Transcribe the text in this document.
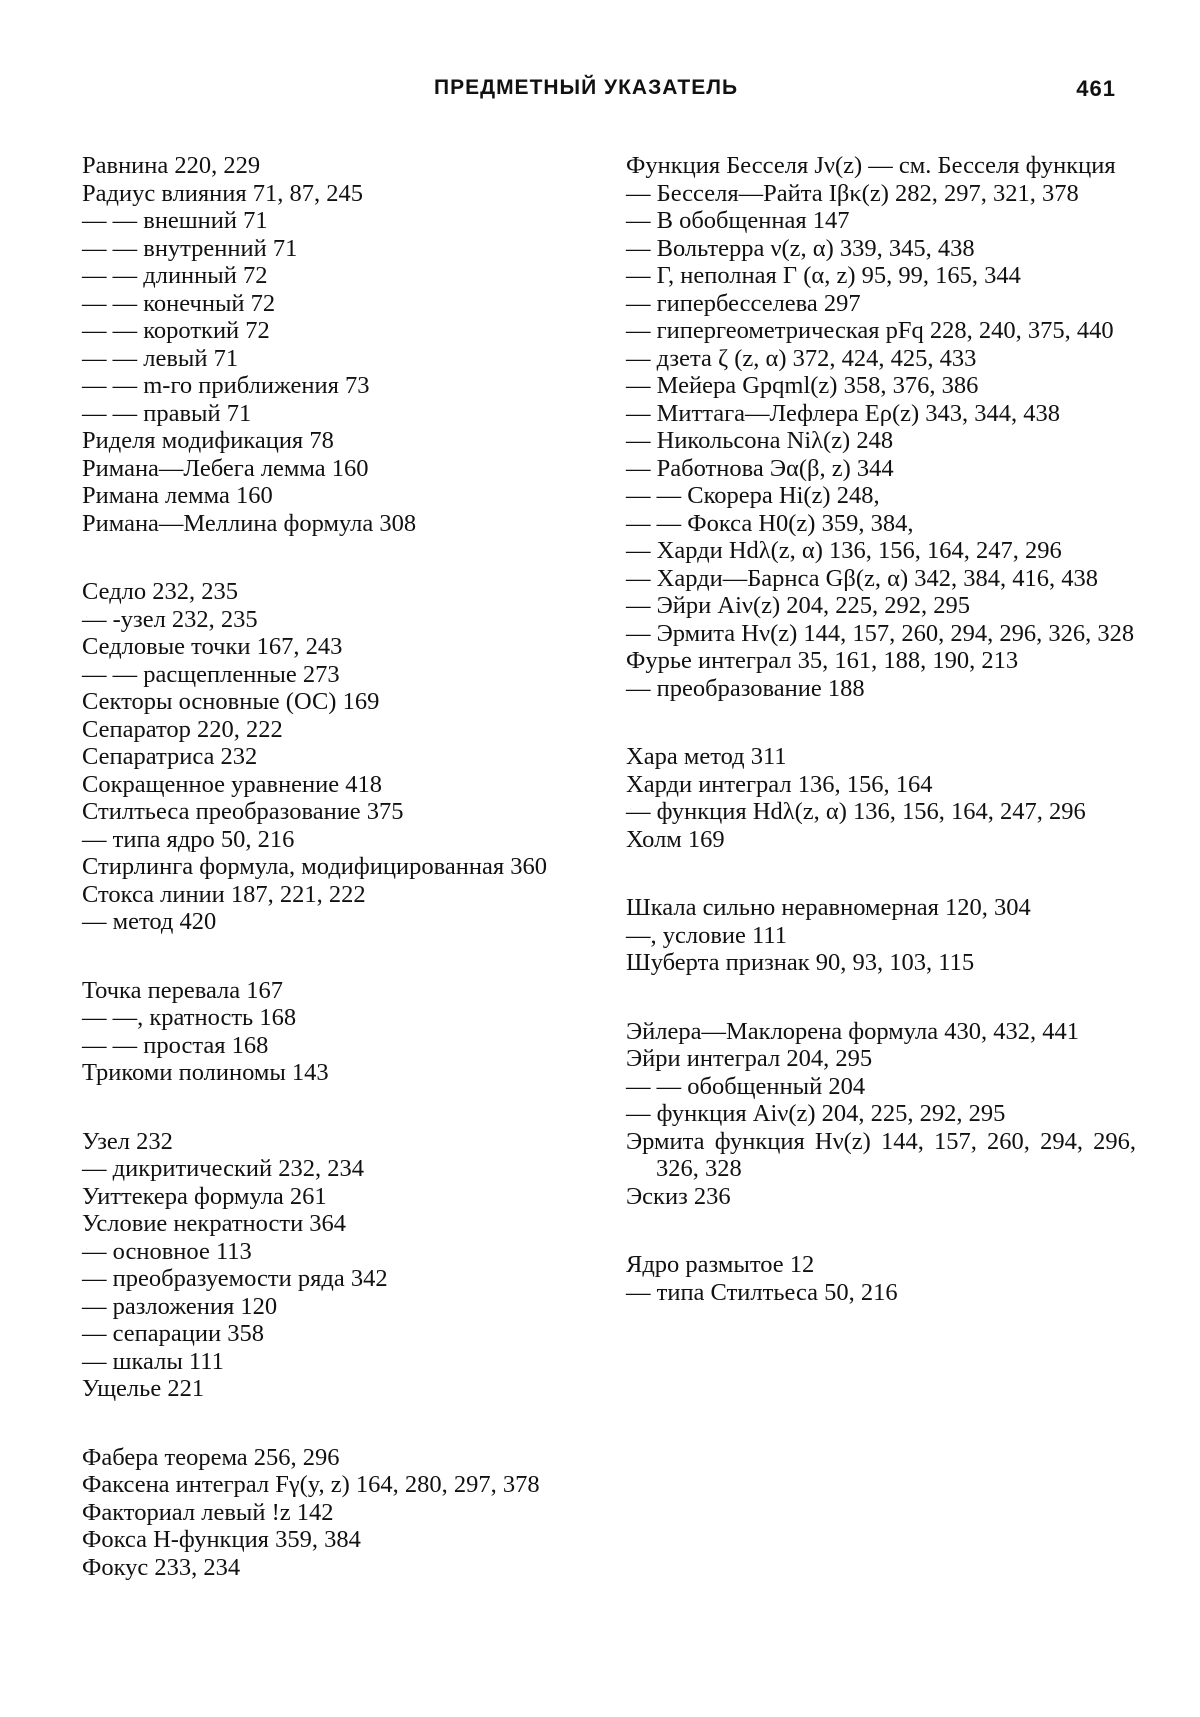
ПРЕДМЕТНЫЙ УКАЗАТЕЛЬ	461
Равнина 220, 229
Радиус влияния 71, 87, 245
— — внешний 71
— — внутренний 71
— — длинный 72
— — конечный 72
— — короткий 72
— — левый 71
— — m-го приближения 73
— — правый 71
Риделя модификация 78
Римана—Лебега лемма 160
Римана лемма 160
Римана—Меллина формула 308
Седло 232, 235
— -узел 232, 235
Седловые точки 167, 243
— — расщепленные 273
Секторы основные (ОС) 169
Сепаратор 220, 222
Сепаратриса 232
Сокращенное уравнение 418
Стилтьеса преобразование 375
— типа ядро 50, 216
Стирлинга формула, модифицированная 360
Стокса линии 187, 221, 222
— метод 420
Точка перевала 167
— —, кратность 168
— — простая 168
Трикоми полиномы 143
Узел 232
— дикритический 232, 234
Уиттекера формула 261
Условие некратности 364
— основное 113
— преобразуемости ряда 342
— разложения 120
— сепарации 358
— шкалы 111
Ущелье 221
Фабера теорема 256, 296
Факсена интеграл Fγ(y, z) 164, 280, 297, 378
Факториал левый !z 142
Фокса H-функция 359, 384
Фокус 233, 234
Функция Бесселя Jν(z) — см. Бесселя функция
— Бесселя—Райта Iβκ(z) 282, 297, 321, 378
— B обобщенная 147
— Вольтерра ν(z, α) 339, 345, 438
— Г, неполная Г (α, z) 95, 99, 165, 344
— гипербесселева 297
— гипергеометрическая pFq 228, 240, 375, 440
— дзета ζ (z, α) 372, 424, 425, 433
— Мейера Gpqml(z) 358, 376, 386
— Миттага—Лефлера Eρ(z) 343, 344, 438
— Никольсона Niλ(z) 248
— Работнова Эα(β, z) 344
— — Скорера Hi(z) 248,
— — Фокса H0(z) 359, 384,
— Харди Hdλ(z, α) 136, 156, 164, 247, 296
— Харди—Барнса Gβ(z, α) 342, 384, 416, 438
— Эйри Aiν(z) 204, 225, 292, 295
— Эрмита Hν(z) 144, 157, 260, 294, 296, 326, 328
Фурье интеграл 35, 161, 188, 190, 213
— преобразование 188
Хара метод 311
Харди интеграл 136, 156, 164
— функция Hdλ(z, α) 136, 156, 164, 247, 296
Холм 169
Шкала сильно неравномерная 120, 304
—, условие 111
Шуберта признак 90, 93, 103, 115
Эйлера—Маклорена формула 430, 432, 441
Эйри интеграл 204, 295
— — обобщенный 204
— функция Aiν(z) 204, 225, 292, 295
Эрмита функция Hν(z) 144, 157, 260, 294, 296, 326, 328
Эскиз 236
Ядро размытое 12
— типа Стилтьеса 50, 216
